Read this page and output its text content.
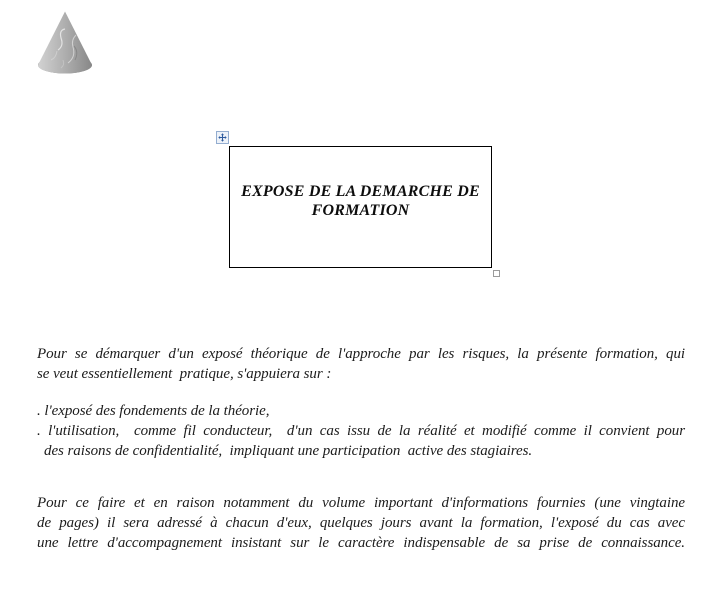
EXPOSE DE LA DEMARCHE DE
FORMATION
Pour se démarquer d'un exposé théorique de l'approche par les risques, la présente formation, qui
se veut essentiellement  pratique, s'appuiera sur :
. l'exposé des fondements de la théorie,
. l'utilisation,  comme fil conducteur,  d'un cas issu de la réalité et modifié comme il convient pour
des raisons de confidentialité,  impliquant une participation  active des stagiaires.
Pour ce faire et en raison notamment du volume important d'informations fournies (une vingtaine
de pages) il sera adressé à chacun d'eux, quelques jours avant la formation, l'exposé du cas avec
une lettre d'accompagnement insistant sur le caractère indispensable de sa prise de connaissance.
